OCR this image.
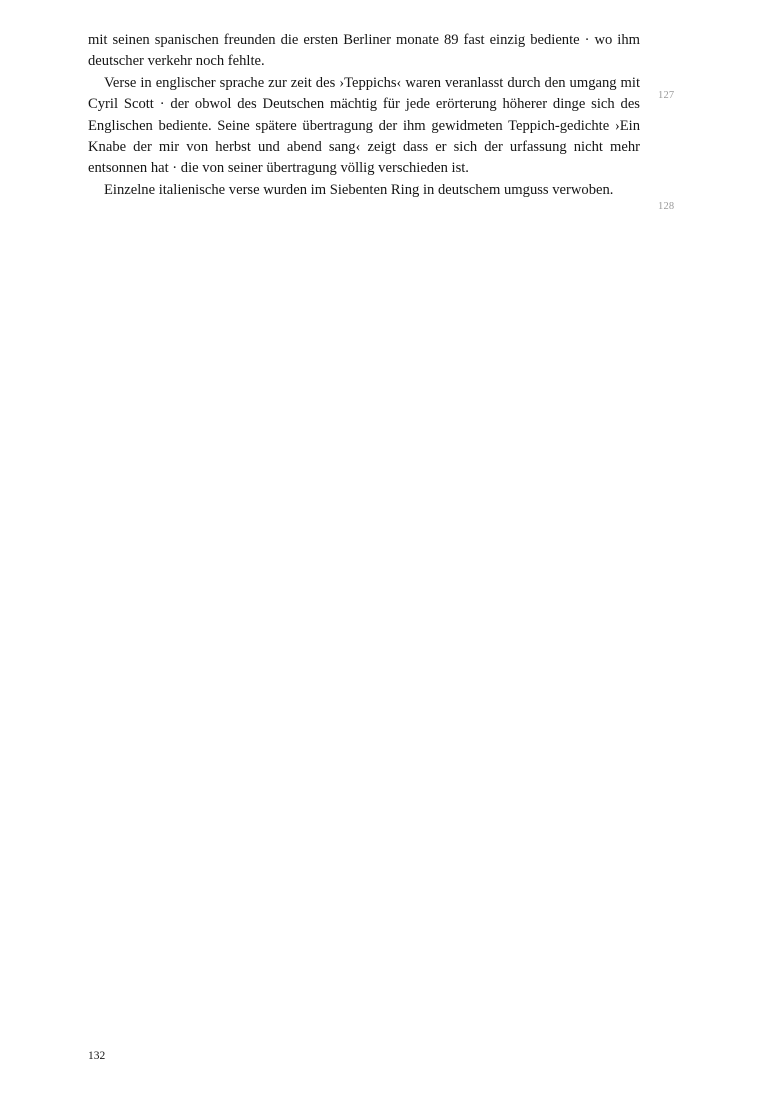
mit seinen spanischen freunden die ersten Berliner monate 89 fast einzig bediente · wo ihm deutscher verkehr noch fehlte.

Verse in englischer sprache zur zeit des ›Teppichs‹ waren veranlasst durch den umgang mit Cyril Scott · der obwol des Deutschen mächtig für jede erörterung höherer dinge sich des Englischen bediente. Seine spätere übertragung der ihm gewidmeten Teppich-gedichte ›Ein Knabe der mir von herbst und abend sang‹ zeigt dass er sich der urfassung nicht mehr entsonnen hat · die von seiner übertragung völlig verschieden ist.

Einzelne italienische verse wurden im Siebenten Ring in deutschem umguss verwoben.

127
128
132
